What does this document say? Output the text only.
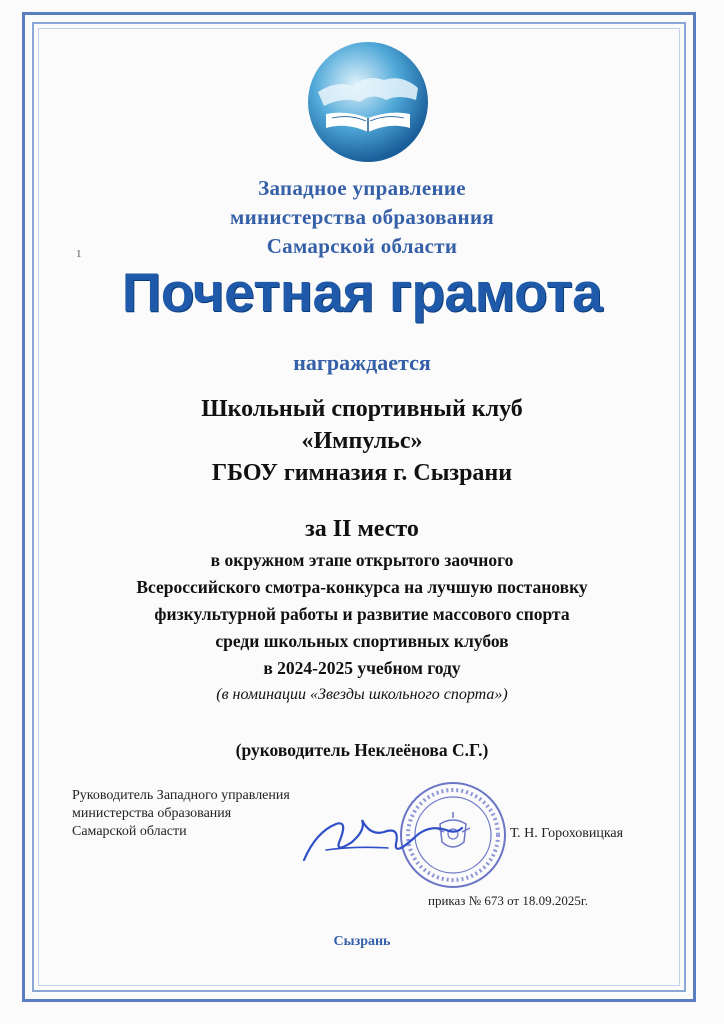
1
Западное управление
министерства образования
Самарской области
Почетная грамота
награждается
Школьный спортивный клуб
«Импульс»
ГБОУ гимназия г. Сызрани
за II место
в окружном этапе открытого заочного
Всероссийского смотра-конкурса на лучшую постановку
физкультурной работы и развитие массового спорта
среди школьных спортивных клубов
в 2024-2025 учебном году
(в номинации «Звезды школьного спорта»)
(руководитель Неклеёнова С.Г.)
Руководитель Западного управления
министерства образования
Самарской области	Т. Н. Гороховицкая
приказ № 673 от 18.09.2025г.
Сызрань
